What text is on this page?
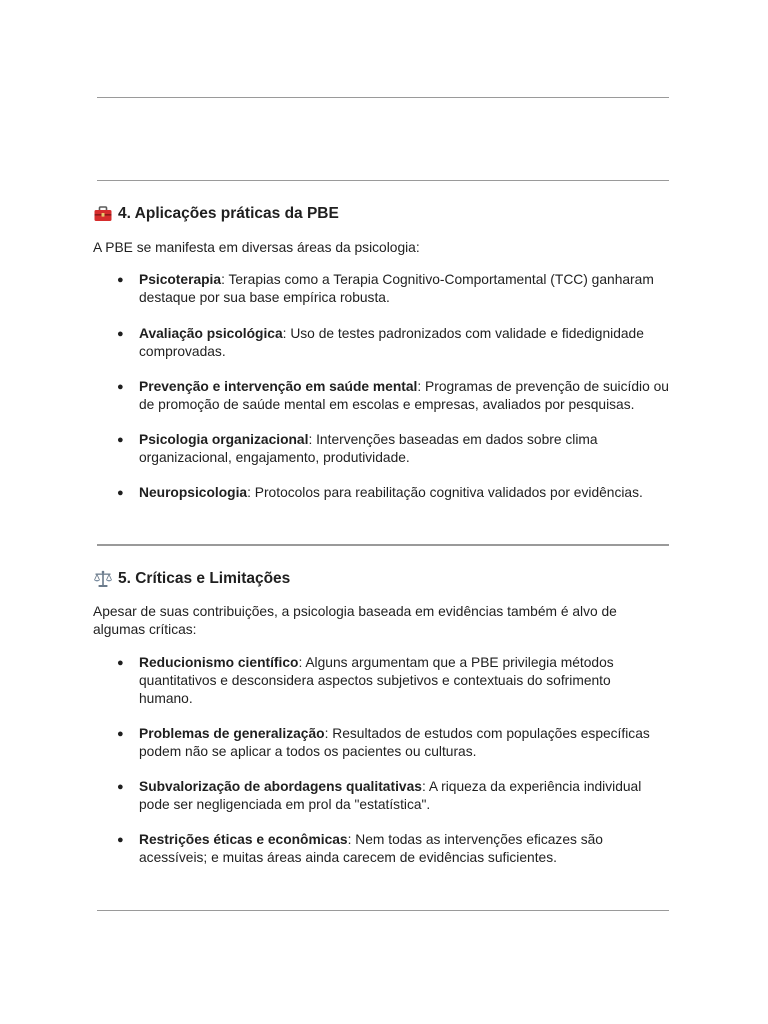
4. Aplicações práticas da PBE

A PBE se manifesta em diversas áreas da psicologia:

● Psicoterapia: Terapias como a Terapia Cognitivo-Comportamental (TCC) ganharam destaque por sua base empírica robusta.

● Avaliação psicológica: Uso de testes padronizados com validade e fidedignidade comprovadas.

● Prevenção e intervenção em saúde mental: Programas de prevenção de suicídio ou de promoção de saúde mental em escolas e empresas, avaliados por pesquisas.

● Psicologia organizacional: Intervenções baseadas em dados sobre clima organizacional, engajamento, produtividade.

● Neuropsicologia: Protocolos para reabilitação cognitiva validados por evidências.

5. Críticas e Limitações

Apesar de suas contribuições, a psicologia baseada em evidências também é alvo de algumas críticas:

● Reducionismo científico: Alguns argumentam que a PBE privilegia métodos quantitativos e desconsidera aspectos subjetivos e contextuais do sofrimento humano.

● Problemas de generalização: Resultados de estudos com populações específicas podem não se aplicar a todos os pacientes ou culturas.

● Subvalorização de abordagens qualitativas: A riqueza da experiência individual pode ser negligenciada em prol da "estatística".

● Restrições éticas e econômicas: Nem todas as intervenções eficazes são acessíveis; e muitas áreas ainda carecem de evidências suficientes.
